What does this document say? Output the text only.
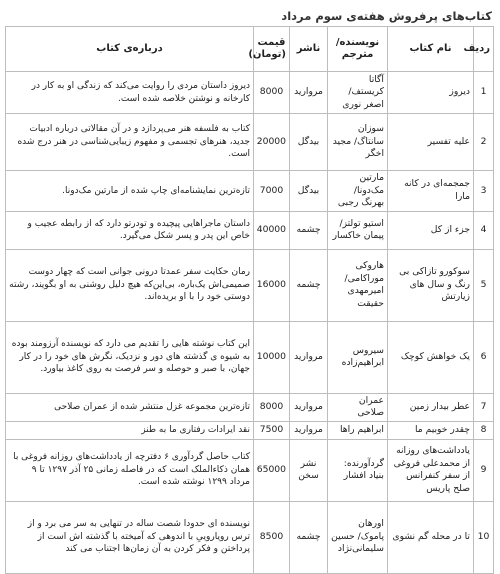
کتاب‌های پرفروش هفته‌ی سوم مرداد
ردیف	نام کتاب	نویسنده/ مترجم	ناشر	قیمت (تومان)	درباره‌ی کتاب
1	دیروز	آگاتا کریستف/ اصغر نوری	مروارید	8000	دیروز داستان مردی را روایت می‌کند که زندگی او به کار در کارخانه و نوشتن خلاصه شده است.
2	علیه تفسیر	سوزان سانتاگ/ مجید اخگر	بیدگل	20000	کتاب به فلسفه هنر می‌پردازد و در آن مقالاتی درباره ادبیات جدید، هنرهای تجسمی و مفهوم زیبایی‌شناسی در هنر درج شده است.
3	جمجمه‌ای در کانه مارا	مارتین مک‌دونا/ بهرنگ رجبی	بیدگل	7000	تازه‌ترین نمایشنامه‌ای چاپ شده از مارتین مک‌دونا.
4	جزء از کل	استیو تولتز/ پیمان خاکسار	چشمه	40000	داستان ماجراهایی پیچیده و تودرتو دارد که از رابطه عجیب و خاص این پدر و پسر شکل می‌گیرد.
5	سوکورو تازاکی بی رنگ و سال های زیارتش	هاروکی موراکامی/ امیرمهدی حقیقت	چشمه	16000	رمان حکایت سفر عمدتا درونی جوانی است که چهار دوست صمیمی‌اش یک‌باره، بی‌این‌که هیچ دلیل روشنی به او بگویند، رشته دوستی خود را با او بریده‌اند.
6	یک خواهش کوچک	سیروس ابراهیم‌زاده	مروارید	10000	این کتاب نوشته هایی را تقدیم می دارد که نویسنده آرزومند بوده به شیوه ی گذشته های دور و نزدیک، نگرش های خود را در کار جهان، با صبر و حوصله و سر فرصت به روی کاغذ بیاورد.
7	عطر بیدار زمین	عمران صلاحی	مروارید	8000	تازه‌ترین مجموعه غزل منتشر شده از عمران صلاحی
8	چقدر خوبیم ما	ابراهیم راها	مروارید	7500	نقد ایرادات رفتاری ما به طنز
9	یادداشت‌های روزانه از محمدعلی فروغی از سفر کنفرانس صلح پاریس	گردآورنده: بنیاد افشار	نشر سخن	65000	کتاب حاصل گردآوری ۶ دفترچه از یادداشت‌های روزانه فروغی با همان ذکاءالملک است که در فاصله زمانی ۲۵ آذر ۱۲۹۷ تا ۹ مرداد ۱۲۹۹ نوشته شده است.
10	تا در محله گم نشوی	اورهان پاموک/ حسین سلیمانی‌نژاد	چشمه	8500	نویسنده ای حدودا شصت ساله در تنهایی به سر می برد و از ترس رویاروییِ با اندوهی که آمیخته با گذشته اش است از پرداختن و فکر کردن به آن زمان‌ها اجتناب می کند
